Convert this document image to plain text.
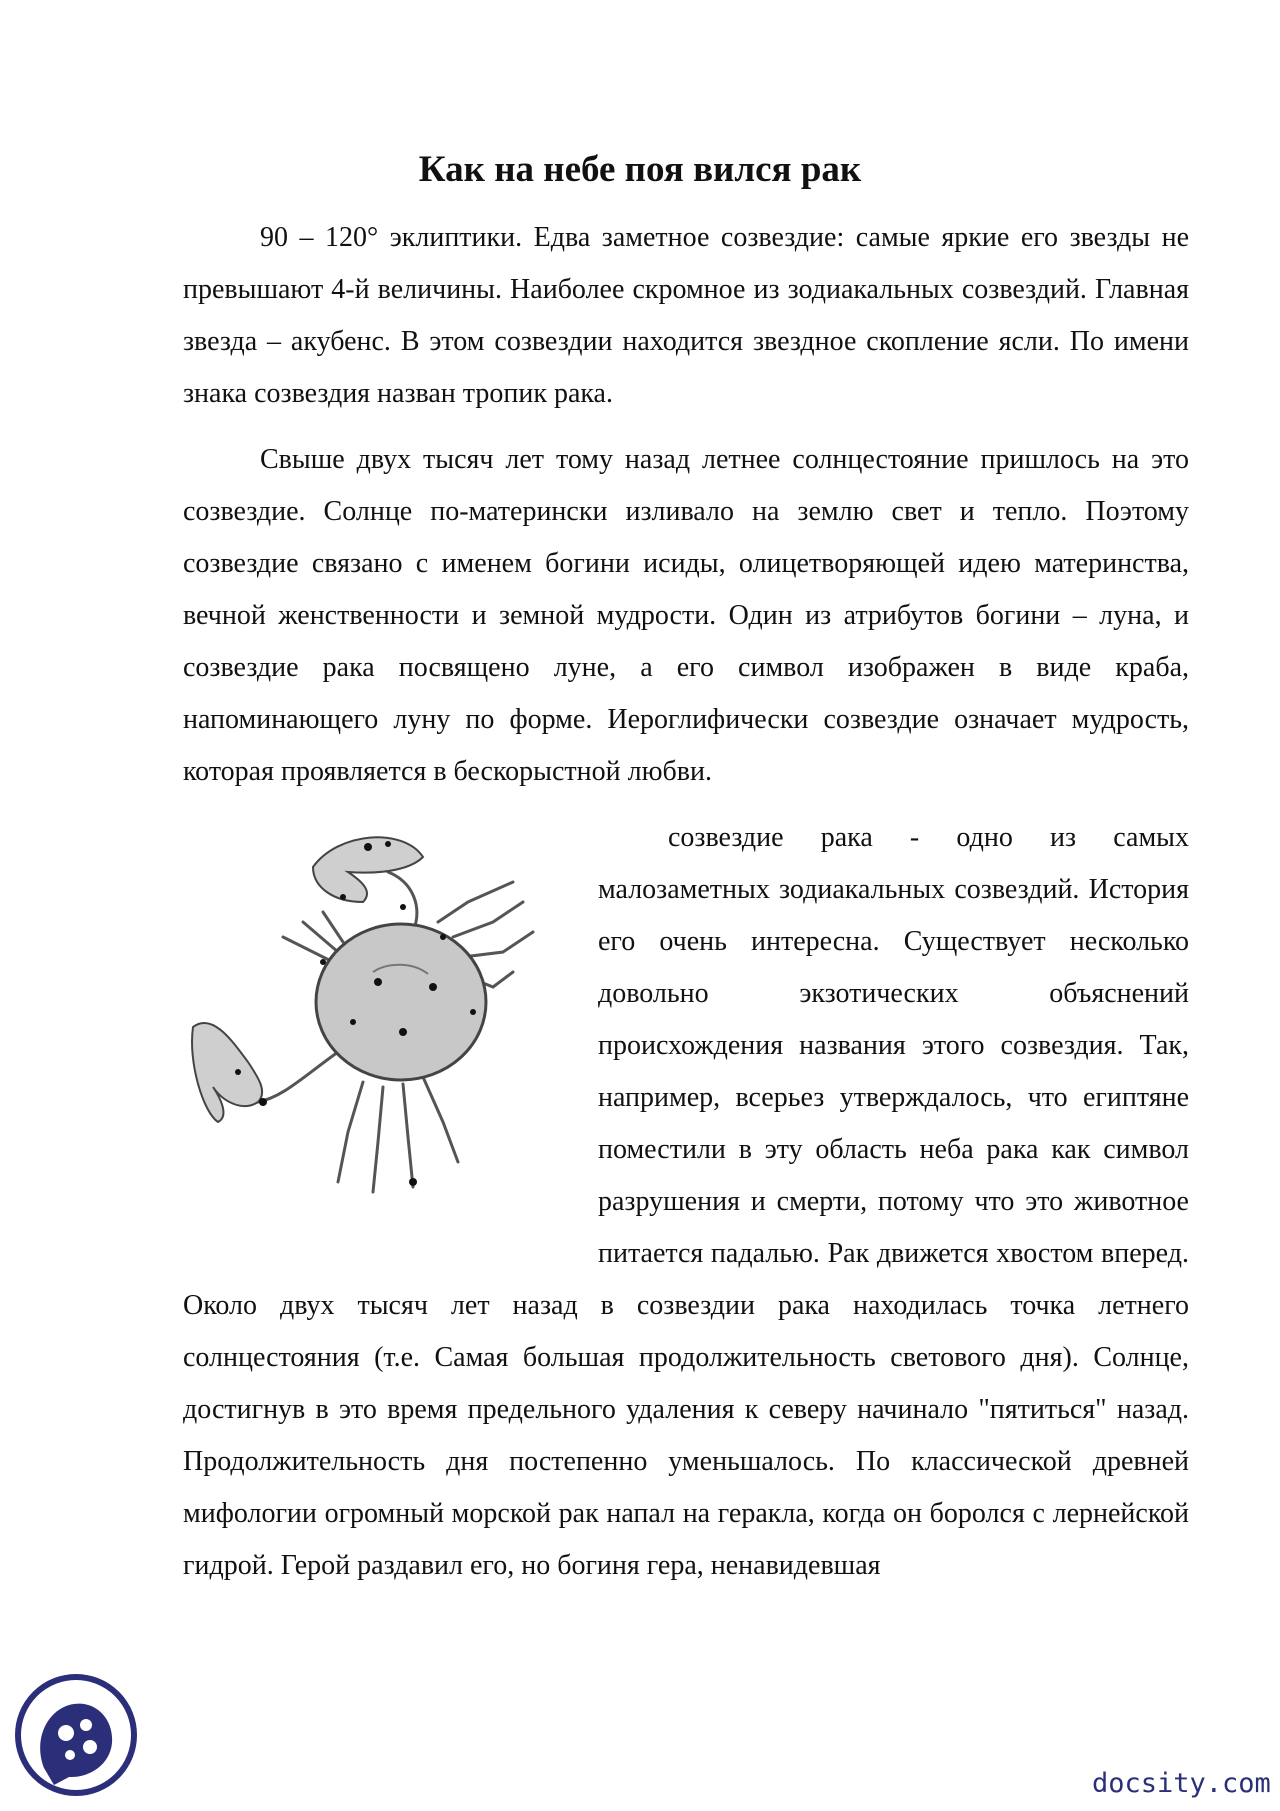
Как на небе поя вился рак

90 – 120° эклиптики. Едва заметное созвездие: самые яркие его звезды не превышают 4-й величины. Наиболее скромное из зодиакальных созвездий. Главная звезда – акубенс. В этом созвездии находится звездное скопление ясли. По имени знака созвездия назван тропик рака.

Свыше двух тысяч лет тому назад летнее солнцестояние пришлось на это созвездие. Солнце по-матерински изливало на землю свет и тепло. Поэтому созвездие связано с именем богини исиды, олицетворяющей идею материнства, вечной женственности и земной мудрости. Один из атрибутов богини – луна, и созвездие рака посвящено луне, а его символ изображен в виде краба, напоминающего луну по форме. Иероглифически созвездие означает мудрость, которая проявляется в бескорыстной любви.

созвездие рака - одно из самых малозаметных зодиакальных созвездий. История его очень интересна. Существует несколько довольно экзотических объяснений происхождения названия этого созвездия. Так, например, всерьез утверждалось, что египтяне поместили в эту область неба рака как символ разрушения и смерти, потому что это животное питается падалью. Рак движется хвостом вперед. Около двух тысяч лет назад в созвездии рака находилась точка летнего солнцестояния (т.е. Самая большая продолжительность светового дня). Солнце, достигнув в это время предельного удаления к северу начинало "пятиться" назад. Продолжительность дня постепенно уменьшалось. По классической древней мифологии огромный морской рак напал на геракла, когда он боролся с лернейской гидрой. Герой раздавил его, но богиня гера, ненавидевшая

docsity.com
